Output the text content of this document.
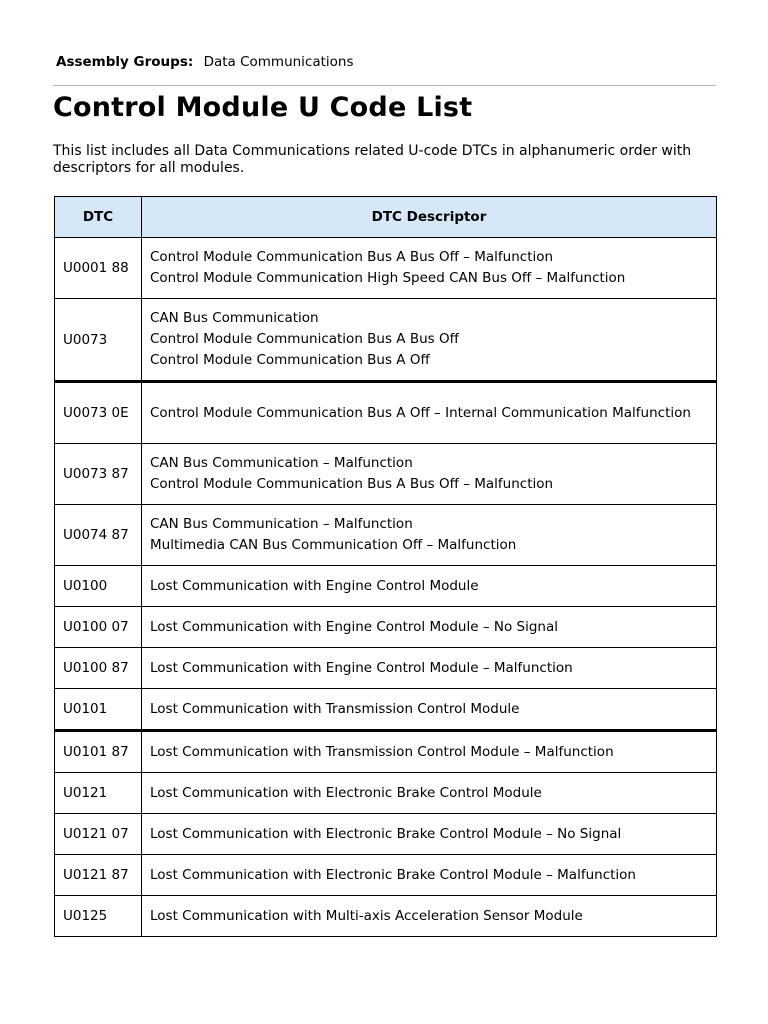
Assembly Groups: Data Communications
Control Module U Code List

This list includes all Data Communications related U-code DTCs in alphanumeric order with descriptors for all modules.

DTC	DTC Descriptor
U0001 88	Control Module Communication Bus A Bus Off – Malfunction
Control Module Communication High Speed CAN Bus Off – Malfunction

U0073	CAN Bus Communication
Control Module Communication Bus A Bus Off
Control Module Communication Bus A Off

U0073 0E	Control Module Communication Bus A Off – Internal Communication Malfunction

U0073 87	CAN Bus Communication – Malfunction
Control Module Communication Bus A Bus Off – Malfunction

U0074 87	CAN Bus Communication – Malfunction
Multimedia CAN Bus Communication Off – Malfunction

U0100	Lost Communication with Engine Control Module

U0100 07	Lost Communication with Engine Control Module – No Signal

U0100 87	Lost Communication with Engine Control Module – Malfunction

U0101	Lost Communication with Transmission Control Module

U0101 87	Lost Communication with Transmission Control Module – Malfunction

U0121	Lost Communication with Electronic Brake Control Module

U0121 07	Lost Communication with Electronic Brake Control Module – No Signal

U0121 87	Lost Communication with Electronic Brake Control Module – Malfunction

U0125	Lost Communication with Multi-axis Acceleration Sensor Module
